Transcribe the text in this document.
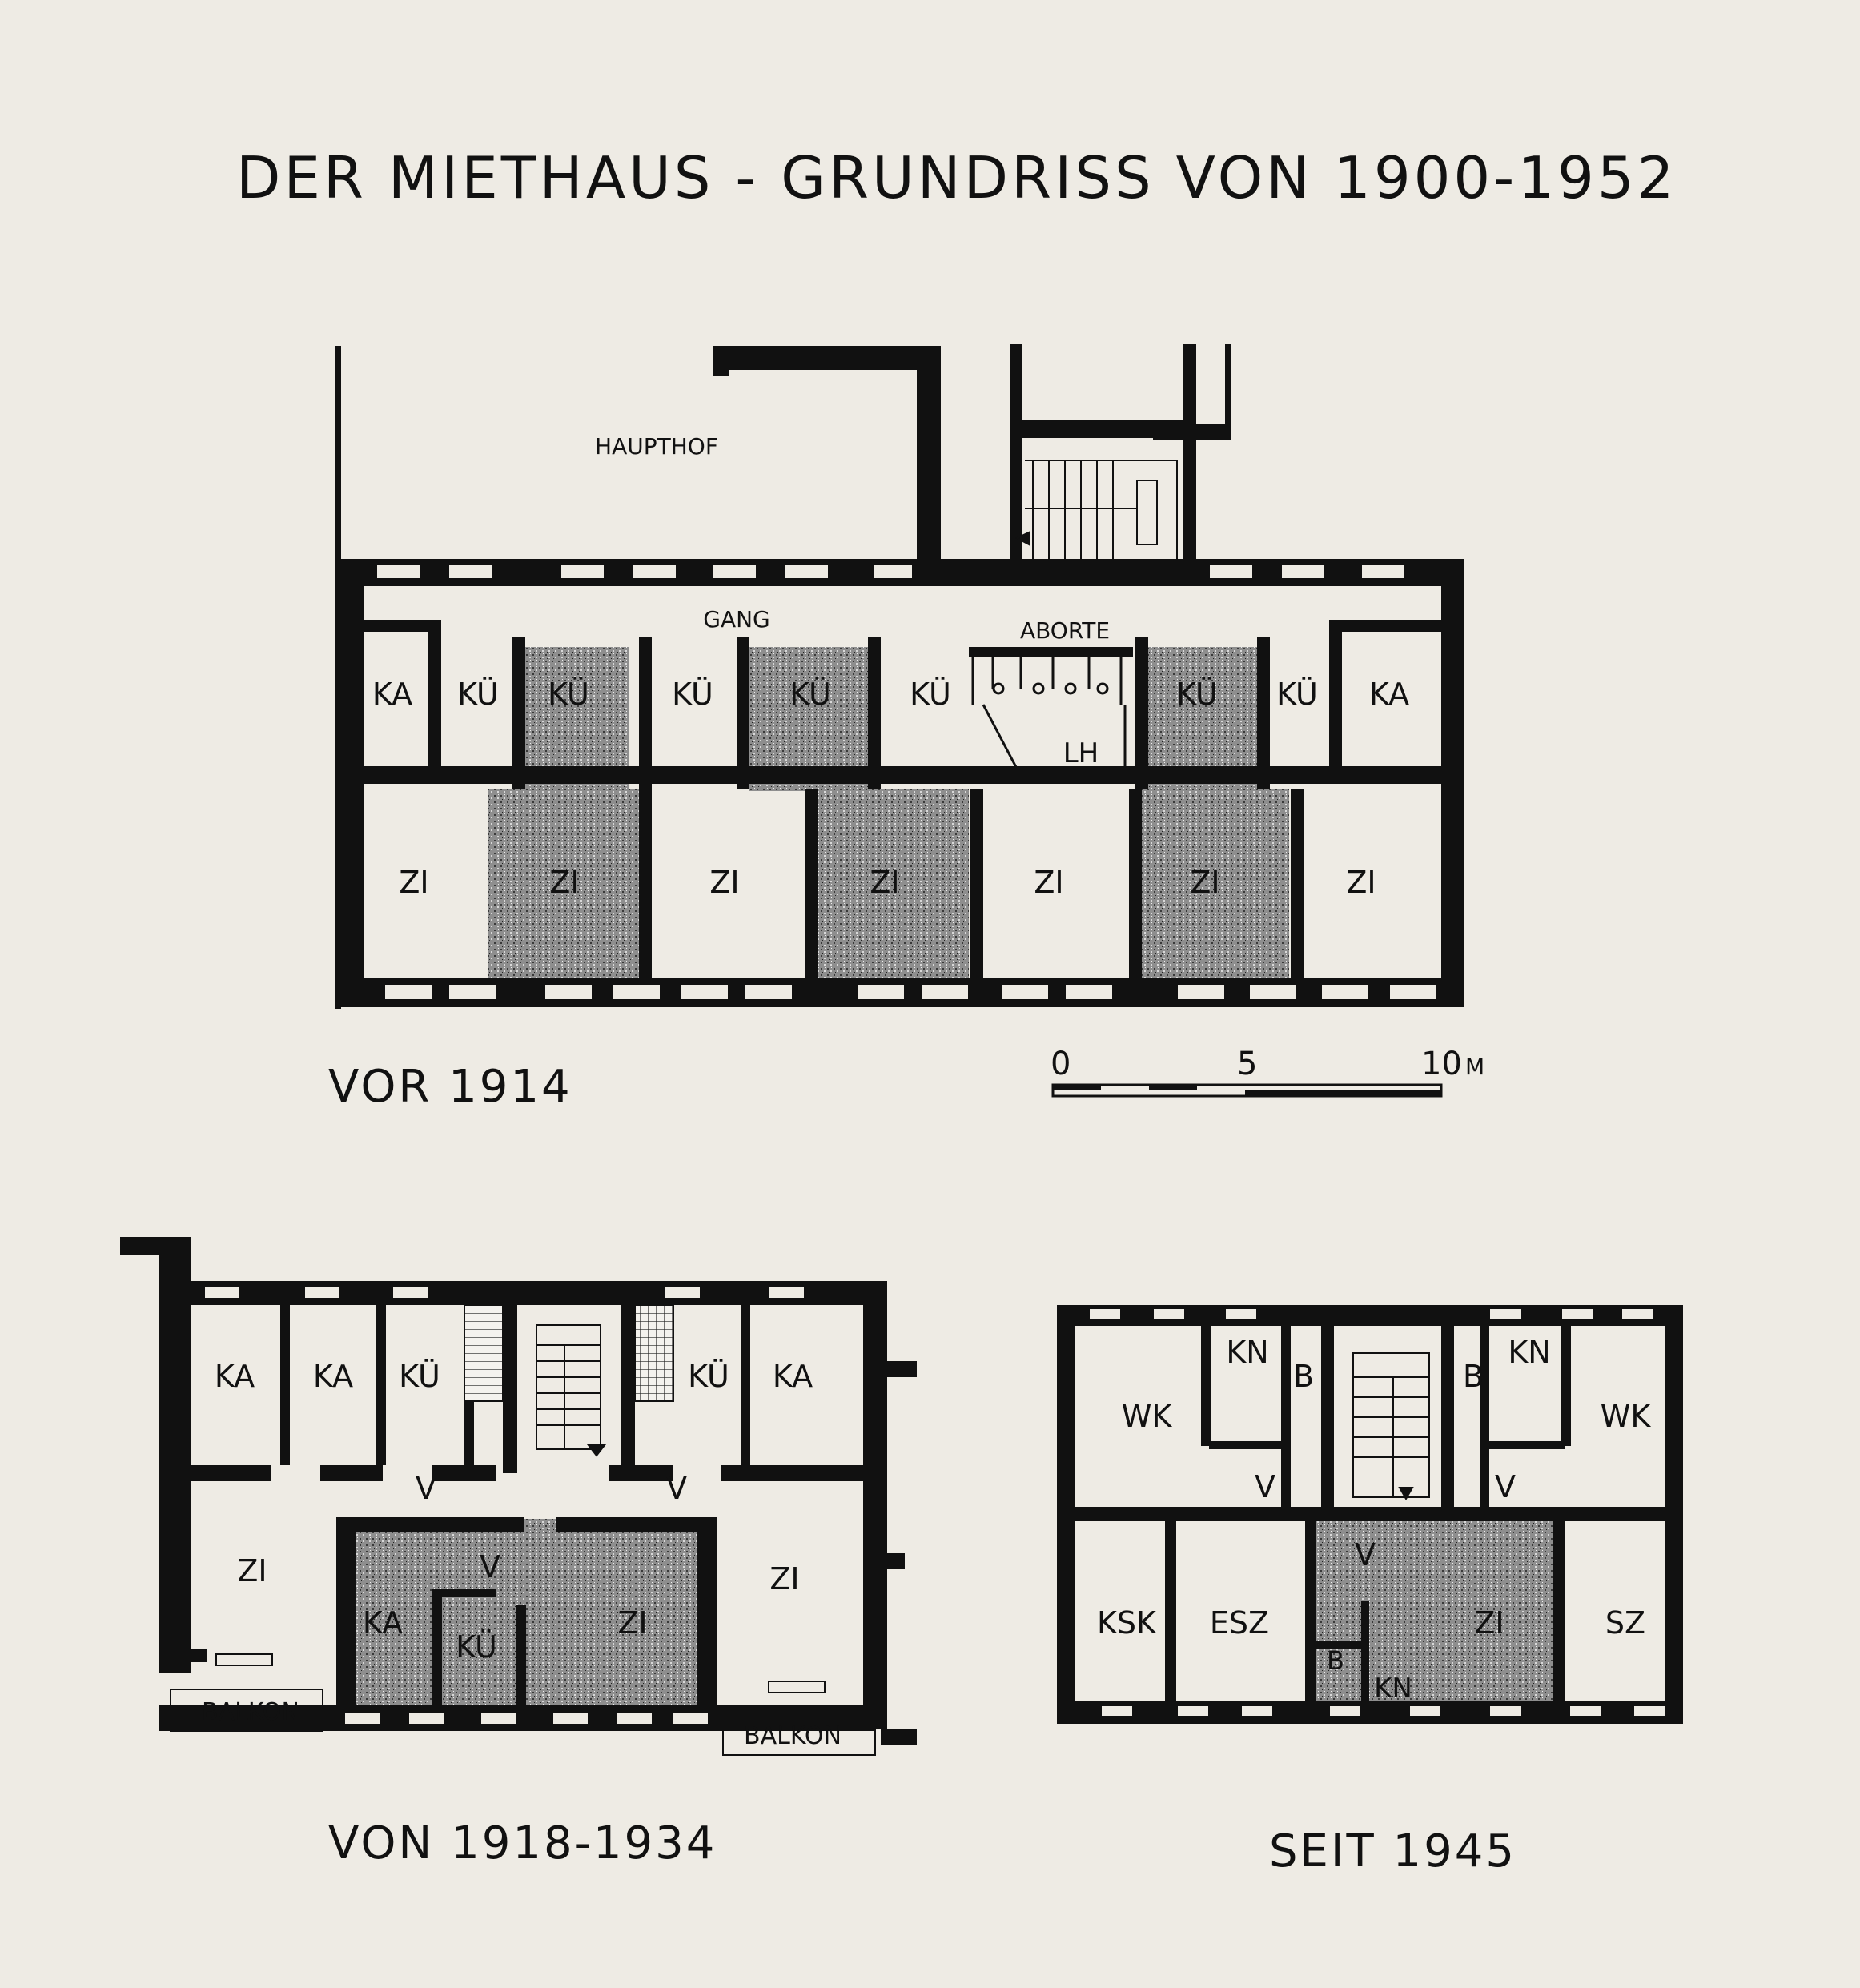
DER MIETHAUS - GRUNDRISS VON 1900-1952
HAUPTHOF
GANG	ABORTE
LH
KA KÜ KÜ	KÜ	KÜ	KÜ	KÜ KÜ KA
ZI	ZI	ZI	ZI	ZI	ZI	ZI
0	5	10 M
KA KA KÜ	KÜ KA
V	V
V
ZI	ZI
KA
KÜ
ZI
BALKON
BALKON
WK
KN
B	B
KN
WK
V	V
V
KSK ESZ	ZI	SZ
B
KN
VOR 1914
VON 1918-1934	SEIT 1945
